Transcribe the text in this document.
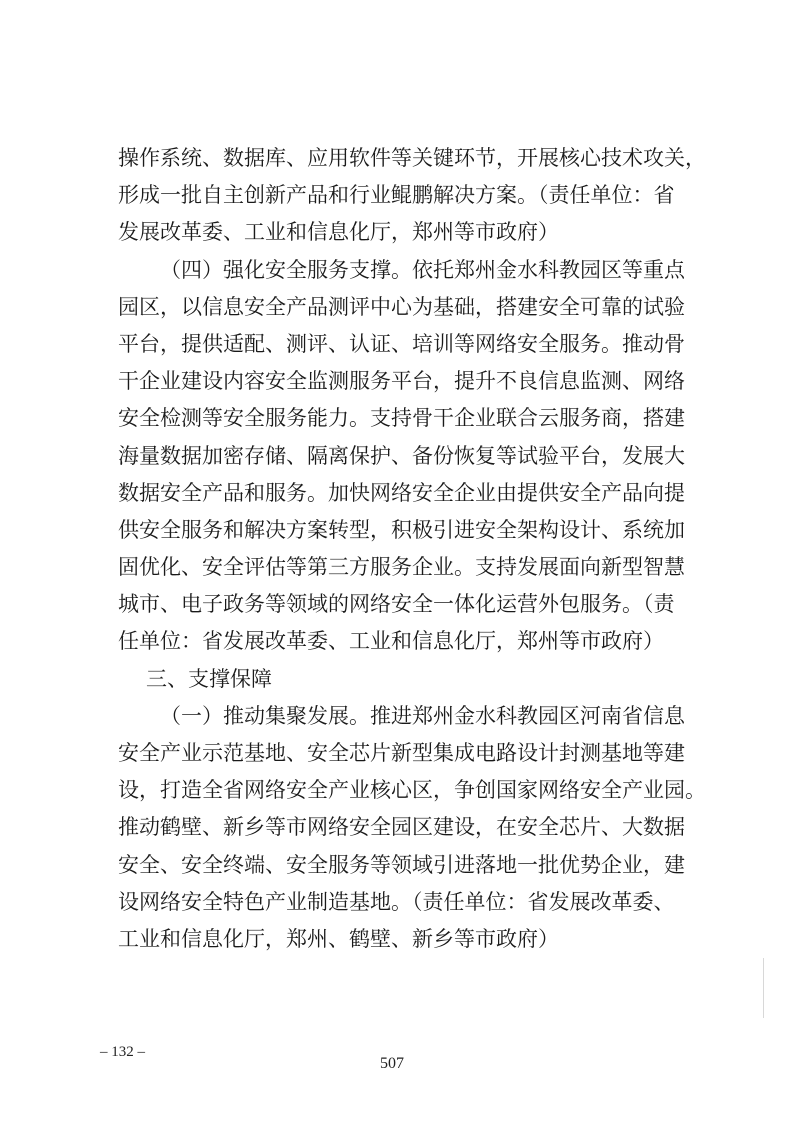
操作系统、数据库、应用软件等关键环节，开展核心技术攻关，
形成一批自主创新产品和行业鲲鹏解决方案。（责任单位：省
发展改革委、工业和信息化厅，郑州等市政府）
（四）强化安全服务支撑。依托郑州金水科教园区等重点
园区，以信息安全产品测评中心为基础，搭建安全可靠的试验
平台，提供适配、测评、认证、培训等网络安全服务。推动骨
干企业建设内容安全监测服务平台，提升不良信息监测、网络
安全检测等安全服务能力。支持骨干企业联合云服务商，搭建
海量数据加密存储、隔离保护、备份恢复等试验平台，发展大
数据安全产品和服务。加快网络安全企业由提供安全产品向提
供安全服务和解决方案转型，积极引进安全架构设计、系统加
固优化、安全评估等第三方服务企业。支持发展面向新型智慧
城市、电子政务等领域的网络安全一体化运营外包服务。（责
任单位：省发展改革委、工业和信息化厅，郑州等市政府）
三、支撑保障
（一）推动集聚发展。推进郑州金水科教园区河南省信息
安全产业示范基地、安全芯片新型集成电路设计封测基地等建
设，打造全省网络安全产业核心区，争创国家网络安全产业园。
推动鹤壁、新乡等市网络安全园区建设，在安全芯片、大数据
安全、安全终端、安全服务等领域引进落地一批优势企业，建
设网络安全特色产业制造基地。（责任单位：省发展改革委、
工业和信息化厅，郑州、鹤壁、新乡等市政府）
– 132 –
507
